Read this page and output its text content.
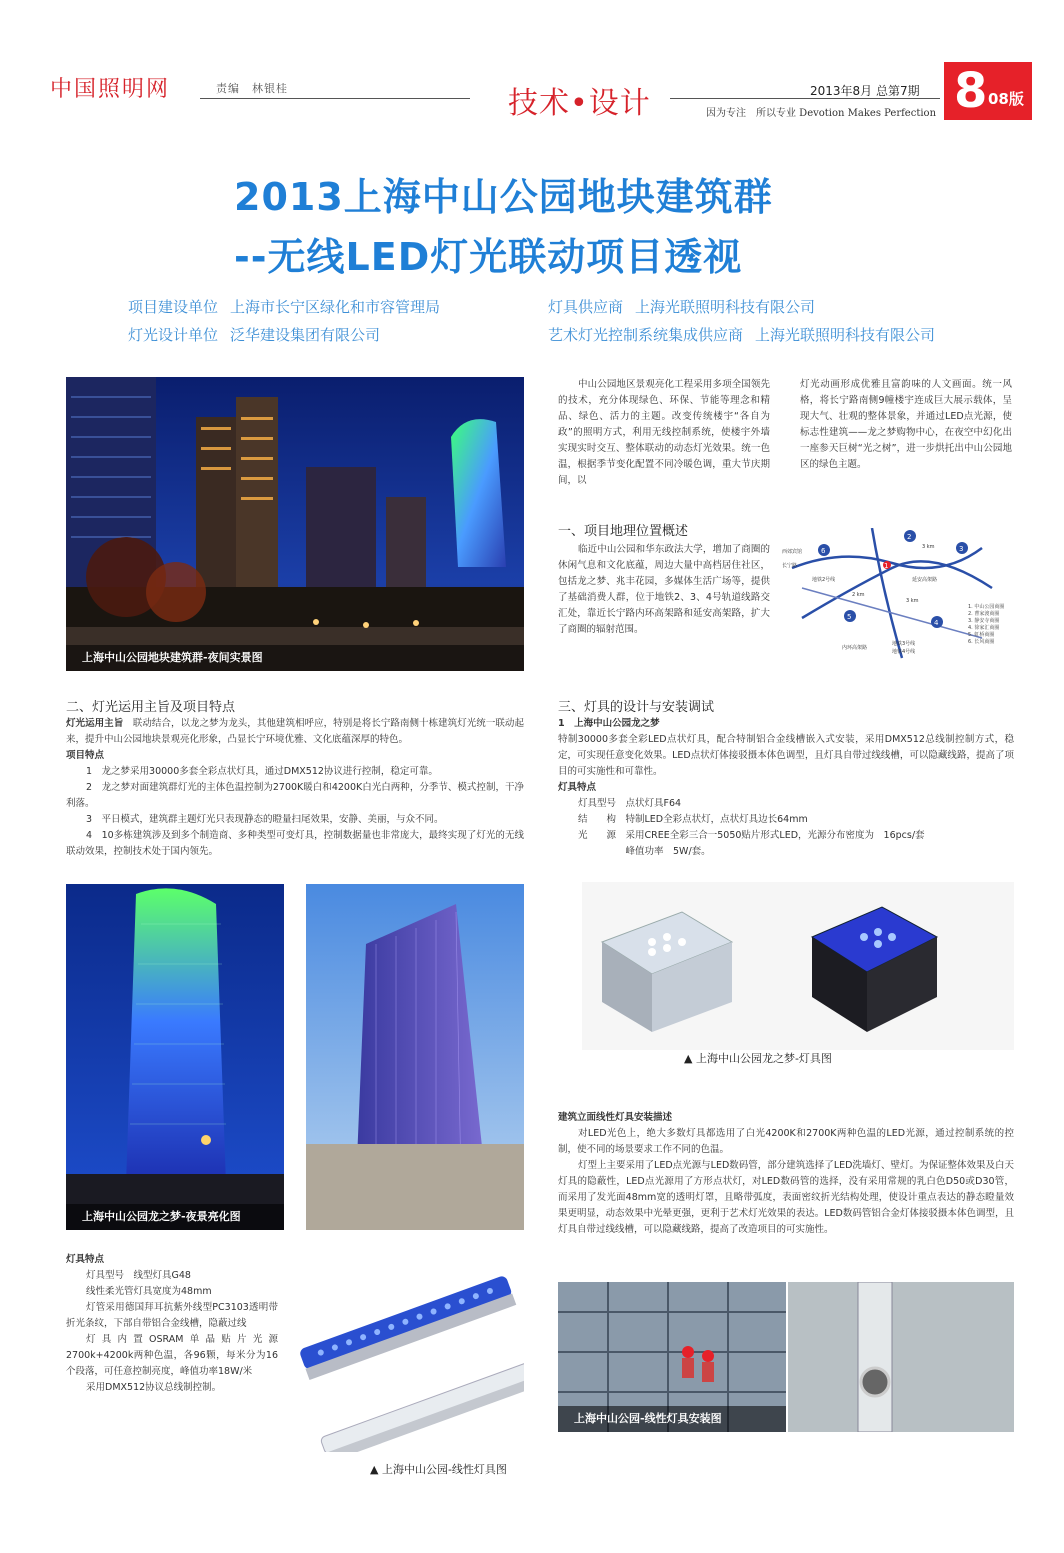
中国照明网	责编　林银桂	技术•设计	2013年8月 总第7期
因为专注　所以专业 Devotion Makes Perfection 8 08版
2013上海中山公园地块建筑群
--无线LED灯光联动项目透视
项目建设单位 上海市长宁区绿化和市容管理局
灯光设计单位 泛华建设集团有限公司
灯具供应商 上海光联照明科技有限公司
艺术灯光控制系统集成供应商 上海光联照明科技有限公司
上海中山公园地块建筑群-夜间实景图

中山公园地区景观亮化工程采用多项全国领先的技术，充分体现绿色、环保、节能等理念和精品、绿色、活力的主题。改变传统楼宇“各自为政”的照明方式，利用无线控制系统，使楼宇外墙实现实时交互、整体联动的动态灯光效果。统一色温，根据季节变化配置不同冷暖色调，重大节庆期间，以

灯光动画形成优雅且富韵味的人文画面。统一风格，将长宁路南侧9幢楼宇连成巨大展示载体，呈现大气、壮观的整体景象，并通过LED点光源，使标志性建筑——龙之梦购物中心，在夜空中幻化出一座参天巨树“光之树”，进一步烘托出中山公园地区的绿色主题。

一、项目地理位置概述

临近中山公园和华东政法大学，增加了商圈的休闲气息和文化底蕴，周边大量中高档居住社区，包括龙之梦、兆丰花园，多媒体生活广场等，提供了基础消费人群，位于地铁2、3、4号轨道线路交汇处，靠近长宁路内环高架路和延安高架路，扩大了商圈的辐射范围。

6
2
3
4
5
1
西郊宾馆
长宁路
地铁2号线	延安高架路
内环高架路
地铁3号线
地铁4号线
3 km
2 km
3 km
1. 中山公园商圈
2. 曹家渡商圈
3. 静安寺商圈
4. 徐家汇商圈
5. 虹桥商圈
6. 长风商圈
二、灯光运用主旨及项目特点

灯光运用主旨　 联动结合，以龙之梦为龙头，其他建筑相呼应，特别是将长宁路南侧十栋建筑灯光统一联动起来，提升中山公园地块景观亮化形象，凸显长宁环境优雅、文化底蕴深厚的特色。

项目特点

1　龙之梦采用30000多套全彩点状灯具，通过DMX512协议进行控制，稳定可靠。

2　龙之梦对面建筑群灯光的主体色温控制为2700K暖白和4200K白光白两种，分季节、模式控制，干净利落。

3　平日模式，建筑群主题灯光只表现静态的瞪量扫尾效果，安静、美丽，与众不同。

4　10多栋建筑涉及到多个制造商、多种类型可变灯具，控制数据量也非常庞大，最终实现了灯光的无线联动效果，控制技术处于国内领先。

上海中山公园龙之梦-夜景亮化图

灯具特点

灯具型号　线型灯具G48

线性柔光管灯具宽度为48mm

灯管采用德国拜耳抗紫外线型PC3103透明带折光条纹，下部自带铝合金线槽，隐蔽过线

灯具内置OSRAM单晶贴片光源2700k+4200k两种色温，各96颗，每米分为16个段落，可任意控制亮度，峰值功率18W/米

采用DMX512协议总线制控制。

▲ 上海中山公园-线性灯具图
三、灯具的设计与安装调试

1　上海中山公园龙之梦

特制30000多套全彩LED点状灯具，配合特制铝合金线槽嵌入式安装，采用DMX512总线制控制方式，稳定，可实现任意变化效果。LED点状灯体接驳摄本体色调型，且灯具自带过线线槽，可以隐藏线路，提高了项目的可实施性和可靠性。

灯具特点

灯具型号　点状灯具F64

结　　构　特制LED全彩点状灯，点状灯具边长64mm

光　　源　采用CREE全彩三合一5050贴片形式LED，光源分布密度为　16pcs/套

　　　　　峰值功率　5W/套。

▲ 上海中山公园龙之梦-灯具图

建筑立面线性灯具安装描述

对LED光色上，绝大多数灯具都选用了白光4200K和2700K两种色温的LED光源，通过控制系统的控制，使不同的场景要求工作不同的色温。

灯型上主要采用了LED点光源与LED数码管，部分建筑选择了LED洗墙灯、壁灯。为保证整体效果及白天灯具的隐蔽性，LED点光源用了方形点状灯，对LED数码管的选择，没有采用常规的乳白色D50或D30管，而采用了发光面48mm宽的透明灯罩，且略带弧度，表面密纹折光结构处理，使设计重点表达的静态瞪量效果更明显，动态效果中光晕更强，更利于艺术灯光效果的表达。LED数码管铝合金灯体接驳摄本体色调型，且灯具自带过线线槽，可以隐藏线路，提高了改造项目的可实施性。

上海中山公园-线性灯具安装图
